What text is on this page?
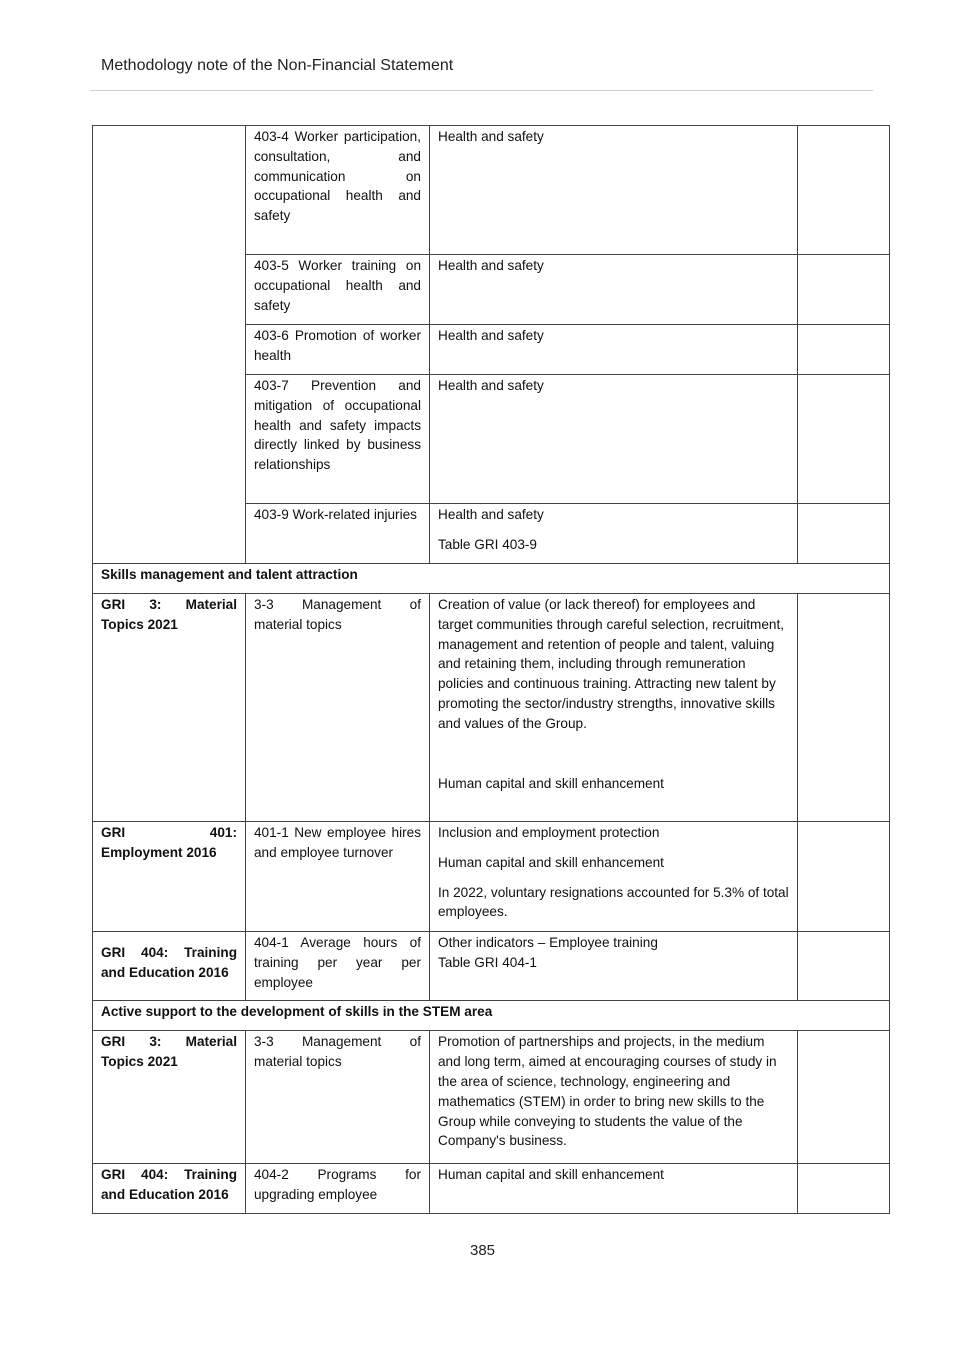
Methodology note of the Non-Financial Statement
	403-4 Worker participation, consultation, and communication on occupational health and safety	Health and safety	
	403-5 Worker training on occupational health and safety	Health and safety	
	403-6 Promotion of worker health	Health and safety	
	403-7 Prevention and mitigation of occupational health and safety impacts directly linked by business relationships	Health and safety	
	403-9 Work-related injuries	Health and safety
Table GRI 403-9	

Skills management and talent attraction			
GRI 3: Material Topics 2021	3-3 Management of material topics	Creation of value (or lack thereof) for employees and target communities through careful selection, recruitment, management and retention of people and talent, valuing and retaining them, including through remuneration policies and continuous training. Attracting new talent by promoting the sector/industry strengths, innovative skills and values of the Group.
Human capital and skill enhancement	

GRI 401: Employment 2016	401-1 New employee hires and employee turnover	Inclusion and employment protection
Human capital and skill enhancement
In 2022, voluntary resignations accounted for 5.3% of total employees.	

GRI 404: Training and Education 2016	404-1 Average hours of training per year per employee	Other indicators – Employee training
Table GRI 404-1	

Active support to the development of skills in the STEM area			
GRI 3: Material Topics 2021	3-3 Management of material topics	Promotion of partnerships and projects, in the medium and long term, aimed at encouraging courses of study in the area of science, technology, engineering and mathematics (STEM) in order to bring new skills to the Group while conveying to students the value of the Company's business.	
GRI 404: Training and Education 2016	404-2 Programs for upgrading employee	Human capital and skill enhancement	
385
